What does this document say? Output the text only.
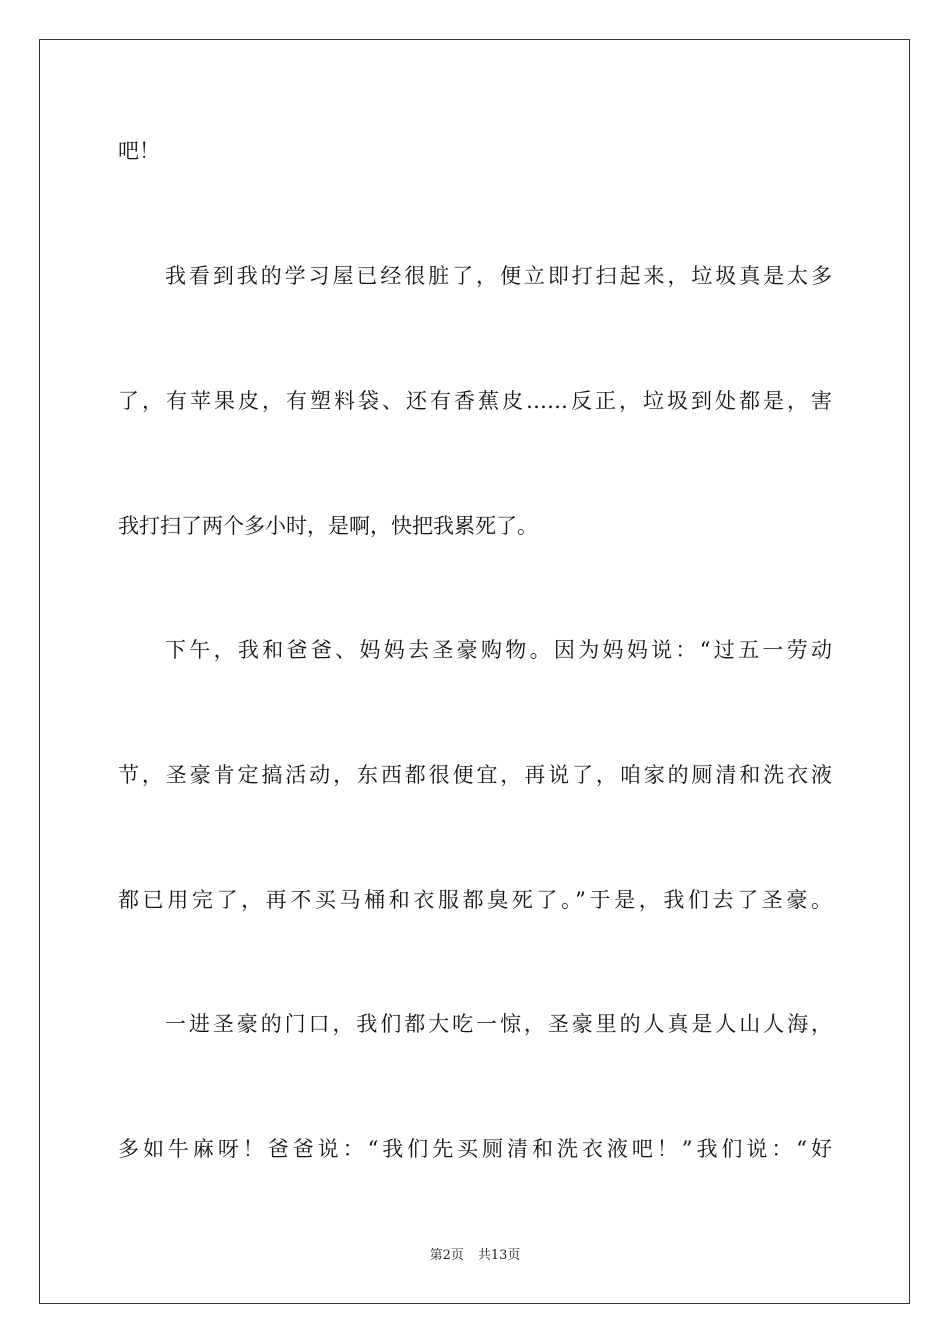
吧！
我看到我的学习屋已经很脏了，便立即打扫起来，垃圾真是太多
了，有苹果皮，有塑料袋、还有香蕉皮……反正，垃圾到处都是，害
我打扫了两个多小时，是啊，快把我累死了。
下午，我和爸爸、妈妈去圣豪购物。因为妈妈说：“过五一劳动
节，圣豪肯定搞活动，东西都很便宜，再说了，咱家的厕清和洗衣液
都已用完了，再不买马桶和衣服都臭死了。”于是，我们去了圣豪。
一进圣豪的门口，我们都大吃一惊，圣豪里的人真是人山人海，
多如牛麻呀！爸爸说：“我们先买厕清和洗衣液吧！”我们说：“好
第2页 共13页
